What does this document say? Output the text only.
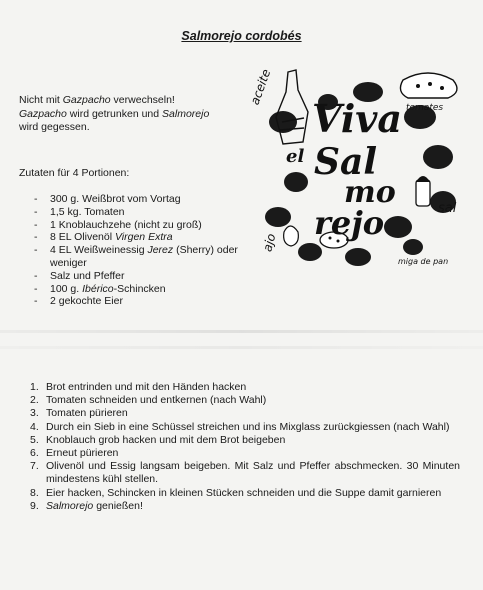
Salmorejo cordobés
Nicht mit Gazpacho verwechseln!
Gazpacho wird getrunken und Salmorejo
wird gegessen.
Zutaten für 4 Portionen:
- 300 g. Weißbrot vom Vortag
- 1,5 kg. Tomaten
- 1 Knoblauchzehe (nicht zu groß)
- 8 EL Olivenöl Virgen Extra
- 4 EL Weißweinessig Jerez (Sherry) oder weniger
- Salz und Pfeffer
- 100 g. Ibérico-Schincken
- 2 gekochte Eier
Viva
el Sal
mo
rejo
aceite
tomates
ajo
sal
miga de pan
1. Brot entrinden und mit den Händen hacken
2. Tomaten schneiden und entkernen (nach Wahl)
3. Tomaten pürieren
4. Durch ein Sieb in eine Schüssel streichen und ins Mixglass zurückgiessen (nach Wahl)
5. Knoblauch grob hacken und mit dem Brot beigeben
6. Erneut pürieren
7. Olivenöl und Essig langsam beigeben. Mit Salz und Pfeffer abschmecken. 30 Minuten mindestens kühl stellen.
8. Eier hacken, Schincken in kleinen Stücken schneiden und die Suppe damit garnieren
9. Salmorejo genießen!
